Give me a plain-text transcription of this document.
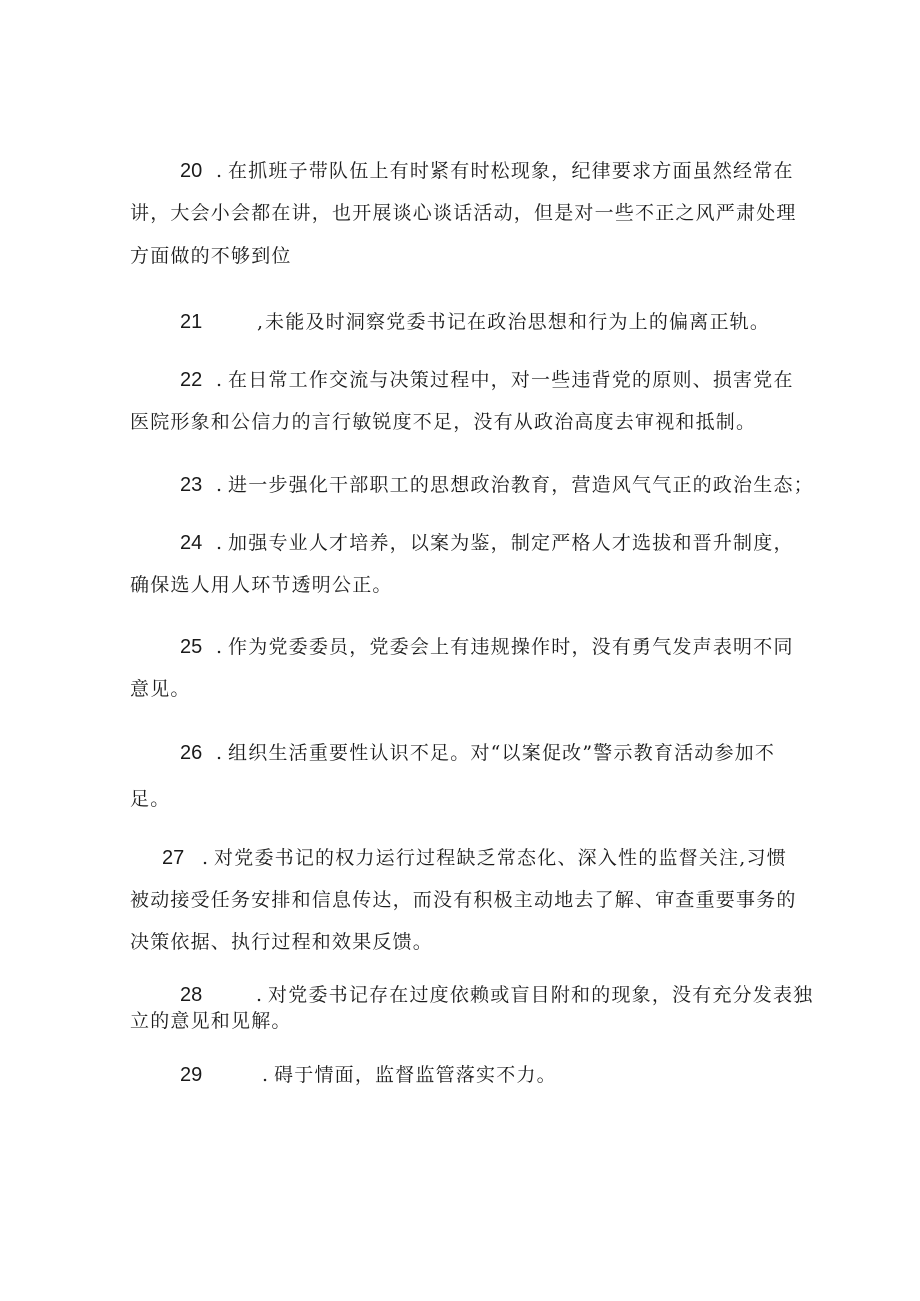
20 . 在抓班子带队伍上有时紧有时松现象，纪律要求方面虽然经常在
讲，大会小会都在讲，也开展谈心谈话活动，但是对一些不正之风严肃处理
方面做的不够到位
21	, 未能及时洞察党委书记在政治思想和行为上的偏离正轨。
22 . 在日常工作交流与决策过程中，对一些违背党的原则、损害党在
医院形象和公信力的言行敏锐度不足，没有从政治高度去审视和抵制。
23 . 进一步强化干部职工的思想政治教育，营造风气气正的政治生态；
24 . 加强专业人才培养，以案为鉴，制定严格人才选拔和晋升制度，
确保选人用人环节透明公正。
25 . 作为党委委员，党委会上有违规操作时，没有勇气发声表明不同
意见。
26 . 组织生活重要性认识不足。对“以案促改”警示教育活动参加不
足。
27 . 对党委书记的权力运行过程缺乏常态化、深入性的监督关注,习惯
被动接受任务安排和信息传达，而没有积极主动地去了解、审查重要事务的
决策依据、执行过程和效果反馈。
28	. 对党委书记存在过度依赖或盲目附和的现象，没有充分发表独
立的意见和见解。
29	. 碍于情面，监督监管落实不力。
